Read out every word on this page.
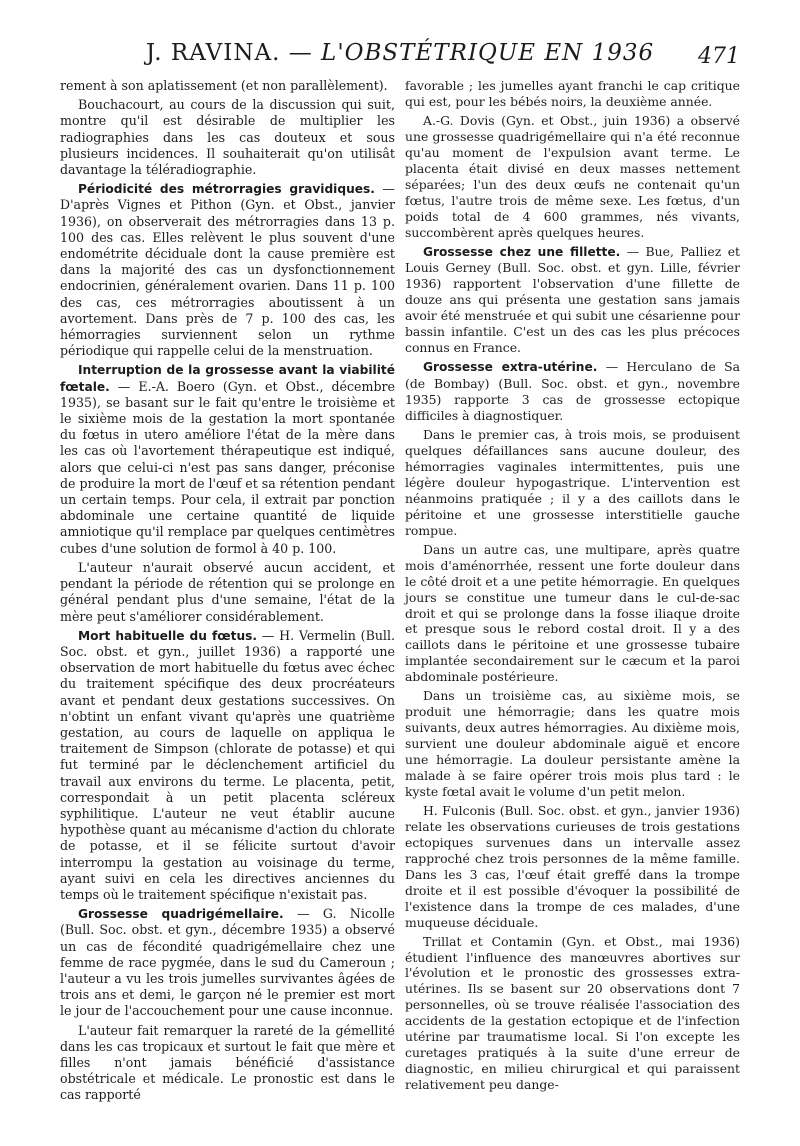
J. RAVINA. — L'OBSTÉTRIQUE EN 1936	471

rement à son aplatissement (et non parallèlement).

Bouchacourt, au cours de la discussion qui suit, montre qu'il est désirable de multiplier les radiographies dans les cas douteux et sous plusieurs incidences. Il souhaiterait qu'on utilisât davantage la téléradiographie.

Périodicité des métrorragies gravidiques. — D'après Vignes et Pithon (Gyn. et Obst., janvier 1936), on observerait des métrorragies dans 13 p. 100 des cas. Elles relèvent le plus souvent d'une endométrite déciduale dont la cause première est dans la majorité des cas un dysfonctionnement endocrinien, généralement ovarien. Dans 11 p. 100 des cas, ces métrorragies aboutissent à un avortement. Dans près de 7 p. 100 des cas, les hémorragies surviennent selon un rythme périodique qui rappelle celui de la menstruation.

Interruption de la grossesse avant la viabilité fœtale. — E.-A. Boero (Gyn. et Obst., décembre 1935), se basant sur le fait qu'entre le troisième et le sixième mois de la gestation la mort spontanée du fœtus in utero améliore l'état de la mère dans les cas où l'avortement thérapeutique est indiqué, alors que celui-ci n'est pas sans danger, préconise de produire la mort de l'œuf et sa rétention pendant un certain temps. Pour cela, il extrait par ponction abdominale une certaine quantité de liquide amniotique qu'il remplace par quelques centimètres cubes d'une solution de formol à 40 p. 100.

L'auteur n'aurait observé aucun accident, et pendant la période de rétention qui se prolonge en général pendant plus d'une semaine, l'état de la mère peut s'améliorer considérablement.

Mort habituelle du fœtus. — H. Vermelin (Bull. Soc. obst. et gyn., juillet 1936) a rapporté une observation de mort habituelle du fœtus avec échec du traitement spécifique des deux procréateurs avant et pendant deux gestations successives. On n'obtint un enfant vivant qu'après une quatrième gestation, au cours de laquelle on appliqua le traitement de Simpson (chlorate de potasse) et qui fut terminé par le déclenchement artificiel du travail aux environs du terme. Le placenta, petit, correspondait à un petit placenta scléreux syphilitique. L'auteur ne veut établir aucune hypothèse quant au mécanisme d'action du chlorate de potasse, et il se félicite surtout d'avoir interrompu la gestation au voisinage du terme, ayant suivi en cela les directives anciennes du temps où le traitement spécifique n'existait pas.

Grossesse quadrigémellaire. — G. Nicolle (Bull. Soc. obst. et gyn., décembre 1935) a observé un cas de fécondité quadrigémellaire chez une femme de race pygmée, dans le sud du Cameroun ; l'auteur a vu les trois jumelles survivantes âgées de trois ans et demi, le garçon né le premier est mort le jour de l'accouchement pour une cause inconnue.

L'auteur fait remarquer la rareté de la gémellité dans les cas tropicaux et surtout le fait que mère et filles n'ont jamais bénéficié d'assistance obstétricale et médicale. Le pronostic est dans le cas rapporté

favorable ; les jumelles ayant franchi le cap critique qui est, pour les bébés noirs, la deuxième année.

A.-G. Dovis (Gyn. et Obst., juin 1936) a observé une grossesse quadrigémellaire qui n'a été reconnue qu'au moment de l'expulsion avant terme. Le placenta était divisé en deux masses nettement séparées; l'un des deux œufs ne contenait qu'un fœtus, l'autre trois de même sexe. Les fœtus, d'un poids total de 4 600 grammes, nés vivants, succombèrent après quelques heures.

Grossesse chez une fillette. — Bue, Palliez et Louis Gerney (Bull. Soc. obst. et gyn. Lille, février 1936) rapportent l'observation d'une fillette de douze ans qui présenta une gestation sans jamais avoir été menstruée et qui subit une césarienne pour bassin infantile. C'est un des cas les plus précoces connus en France.

Grossesse extra-utérine. — Herculano de Sa (de Bombay) (Bull. Soc. obst. et gyn., novembre 1935) rapporte 3 cas de grossesse ectopique difficiles à diagnostiquer.

Dans le premier cas, à trois mois, se produisent quelques défaillances sans aucune douleur, des hémorragies vaginales intermittentes, puis une légère douleur hypogastrique. L'intervention est néanmoins pratiquée ; il y a des caillots dans le péritoine et une grossesse interstitielle gauche rompue.

Dans un autre cas, une multipare, après quatre mois d'aménorrhée, ressent une forte douleur dans le côté droit et a une petite hémorragie. En quelques jours se constitue une tumeur dans le cul-de-sac droit et qui se prolonge dans la fosse iliaque droite et presque sous le rebord costal droit. Il y a des caillots dans le péritoine et une grossesse tubaire implantée secondairement sur le cæcum et la paroi abdominale postérieure.

Dans un troisième cas, au sixième mois, se produit une hémorragie; dans les quatre mois suivants, deux autres hémorragies. Au dixième mois, survient une douleur abdominale aiguë et encore une hémorragie. La douleur persistante amène la malade à se faire opérer trois mois plus tard : le kyste fœtal avait le volume d'un petit melon.

H. Fulconis (Bull. Soc. obst. et gyn., janvier 1936) relate les observations curieuses de trois gestations ectopiques survenues dans un intervalle assez rapproché chez trois personnes de la même famille. Dans les 3 cas, l'œuf était greffé dans la trompe droite et il est possible d'évoquer la possibilité de l'existence dans la trompe de ces malades, d'une muqueuse déciduale.

Trillat et Contamin (Gyn. et Obst., mai 1936) étudient l'influence des manœuvres abortives sur l'évolution et le pronostic des grossesses extra-utérines. Ils se basent sur 20 observations dont 7 personnelles, où se trouve réalisée l'association des accidents de la gestation ectopique et de l'infection utérine par traumatisme local. Si l'on excepte les curetages pratiqués à la suite d'une erreur de diagnostic, en milieu chirurgical et qui paraissent relativement peu dange-
